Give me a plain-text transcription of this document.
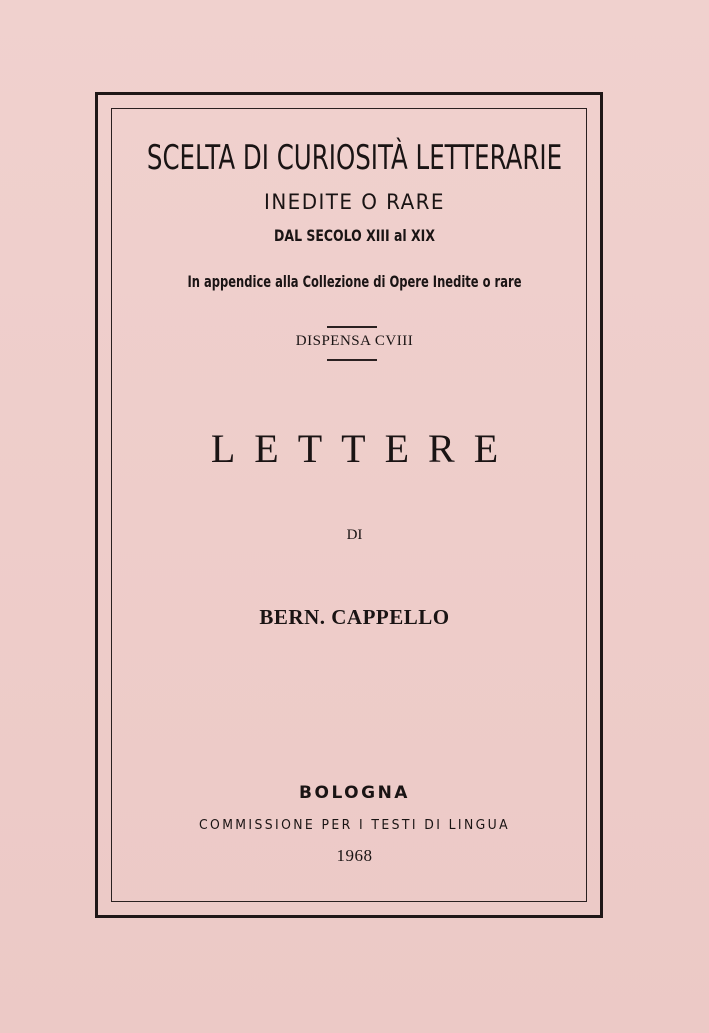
SCELTA DI CURIOSITÀ LETTERARIE
INEDITE O RARE
DAL SECOLO XIII al XIX
In appendice alla Collezione di Opere Inedite o rare
DISPENSA CVIII
LETTERE
DI
BERN. CAPPELLO
BOLOGNA
COMMISSIONE PER I TESTI DI LINGUA
1968
